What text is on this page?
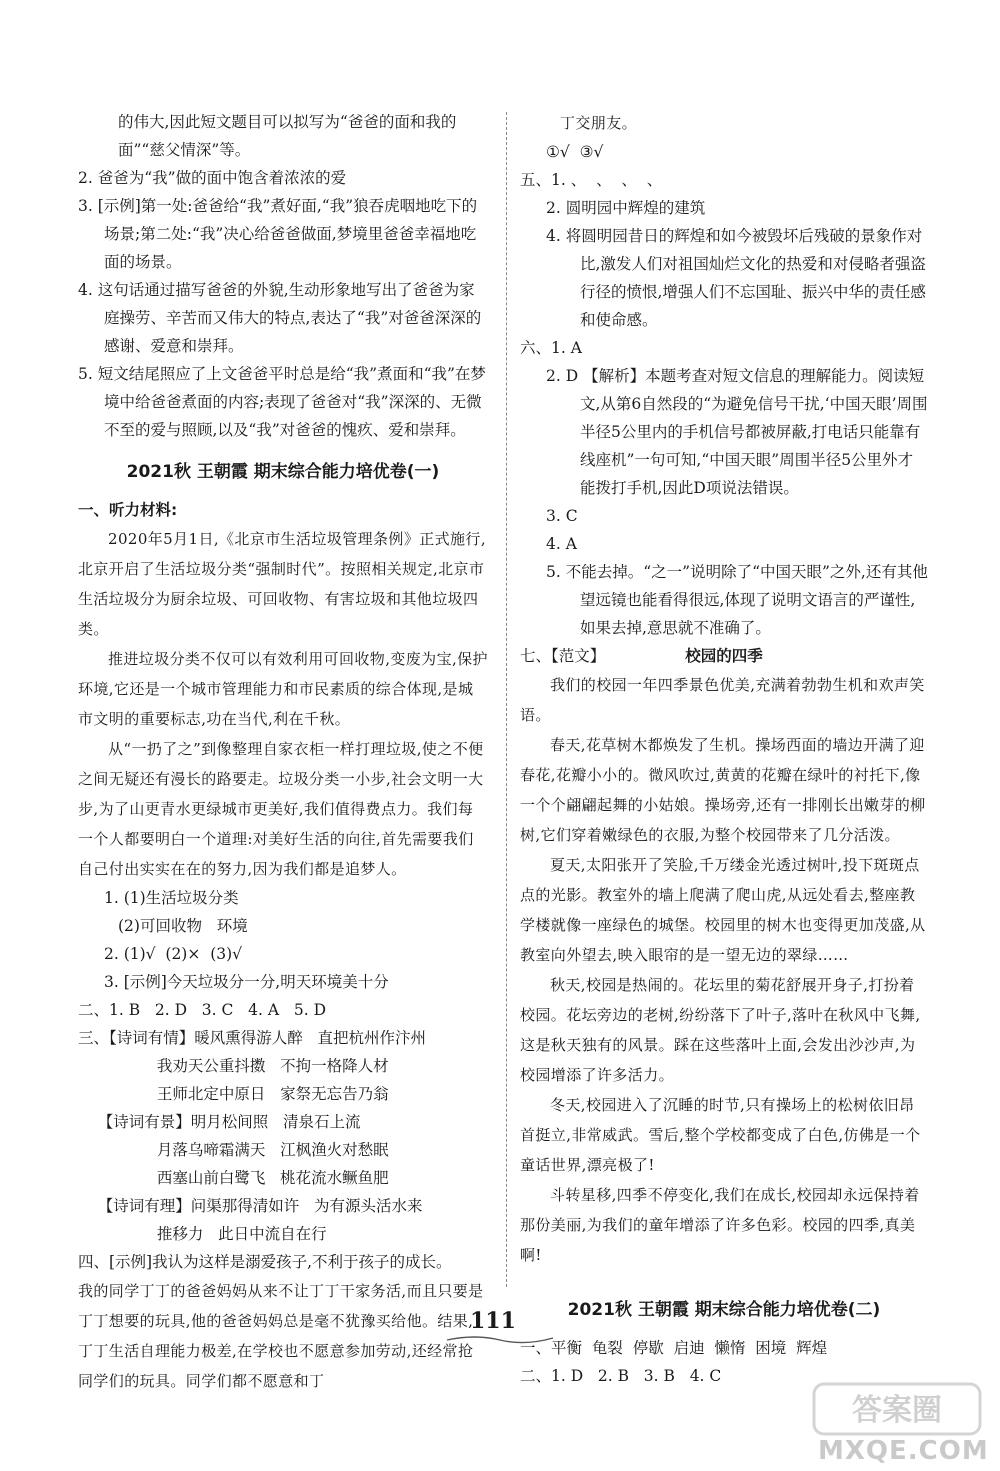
的伟大,因此短文题目可以拟写为“爸爸的面和我的

面”“慈父情深”等。

2. 爸爸为“我”做的面中饱含着浓浓的爱

3. [示例]第一处:爸爸给“我”煮好面,“我”狼吞虎咽地吃下的场景;第二处:“我”决心给爸爸做面,梦境里爸爸幸福地吃面的场景。

4. 这句话通过描写爸爸的外貌,生动形象地写出了爸爸为家庭操劳、辛苦而又伟大的特点,表达了“我”对爸爸深深的感谢、爱意和崇拜。

5. 短文结尾照应了上文爸爸平时总是给“我”煮面和“我”在梦境中给爸爸煮面的内容;表现了爸爸对“我”深深的、无微不至的爱与照顾,以及“我”对爸爸的愧疚、爱和崇拜。

2021秋 王朝霞 期末综合能力培优卷(一)

一、听力材料:

2020年5月1日,《北京市生活垃圾管理条例》正式施行,北京开启了生活垃圾分类“强制时代”。按照相关规定,北京市生活垃圾分为厨余垃圾、可回收物、有害垃圾和其他垃圾四类。

推进垃圾分类不仅可以有效利用可回收物,变废为宝,保护环境,它还是一个城市管理能力和市民素质的综合体现,是城市文明的重要标志,功在当代,利在千秋。

从“一扔了之”到像整理自家衣柜一样打理垃圾,使之不便之间无疑还有漫长的路要走。垃圾分类一小步,社会文明一大步,为了山更青水更绿城市更美好,我们值得费点力。我们每一个人都要明白一个道理:对美好生活的向往,首先需要我们自己付出实实在在的努力,因为我们都是追梦人。

1. (1)生活垃圾分类

(2)可回收物   环境

2. (1)√  (2)×  (3)√

3. [示例]今天垃圾分一分,明天环境美十分

二、1. B   2. D   3. C   4. A   5. D

三、【诗词有情】暖风熏得游人醉   直把杭州作汴州

我劝天公重抖擞   不拘一格降人材

王师北定中原日   家祭无忘告乃翁

【诗词有景】明月松间照   清泉石上流

月落乌啼霜满天   江枫渔火对愁眠

西塞山前白鹭飞   桃花流水鳜鱼肥

【诗词有理】问渠那得清如许   为有源头活水来

推移力   此日中流自在行

四、[示例]我认为这样是溺爱孩子,不利于孩子的成长。

我的同学丁丁的爸爸妈妈从来不让丁丁干家务活,而且只要是丁丁想要的玩具,他的爸爸妈妈总是毫不犹豫买给他。结果,丁丁生活自理能力极差,在学校也不愿意参加劳动,还经常抢同学们的玩具。同学们都不愿意和丁

丁交朋友。

①√  ③√

五、1. 、  、  、  、

2. 圆明园中辉煌的建筑

4. 将圆明园昔日的辉煌和如今被毁坏后残破的景象作对比,激发人们对祖国灿烂文化的热爱和对侵略者强盗行径的愤恨,增强人们不忘国耻、振兴中华的责任感和使命感。

六、1. A

2. D 【解析】本题考查对短文信息的理解能力。阅读短文,从第6自然段的“为避免信号干扰,‘中国天眼’周围半径5公里内的手机信号都被屏蔽,打电话只能靠有线座机”一句可知,“中国天眼”周围半径5公里外才能拨打手机,因此D项说法错误。

3. C

4. A

5. 不能去掉。“之一”说明除了“中国天眼”之外,还有其他望远镜也能看得很远,体现了说明文语言的严谨性,如果去掉,意思就不准确了。

七、【范文】	校园的四季

我们的校园一年四季景色优美,充满着勃勃生机和欢声笑语。

春天,花草树木都焕发了生机。操场西面的墙边开满了迎春花,花瓣小小的。微风吹过,黄黄的花瓣在绿叶的衬托下,像一个个翩翩起舞的小姑娘。操场旁,还有一排刚长出嫩芽的柳树,它们穿着嫩绿色的衣服,为整个校园带来了几分活泼。

夏天,太阳张开了笑脸,千万缕金光透过树叶,投下斑斑点点的光影。教室外的墙上爬满了爬山虎,从远处看去,整座教学楼就像一座绿色的城堡。校园里的树木也变得更加茂盛,从教室向外望去,映入眼帘的是一望无边的翠绿……

秋天,校园是热闹的。花坛里的菊花舒展开身子,打扮着校园。花坛旁边的老树,纷纷落下了叶子,落叶在秋风中飞舞,这是秋天独有的风景。踩在这些落叶上面,会发出沙沙声,为校园增添了许多活力。

冬天,校园进入了沉睡的时节,只有操场上的松树依旧昂首挺立,非常威武。雪后,整个学校都变成了白色,仿佛是一个童话世界,漂亮极了!

斗转星移,四季不停变化,我们在成长,校园却永远保持着那份美丽,为我们的童年增添了许多色彩。校园的四季,真美啊!

2021秋 王朝霞 期末综合能力培优卷(二)

一、平衡  龟裂  停歇  启迪  懒惰  困境  辉煌

二、1. D   2. B   3. B   4. C

111
答案圈
MXQE.COM
